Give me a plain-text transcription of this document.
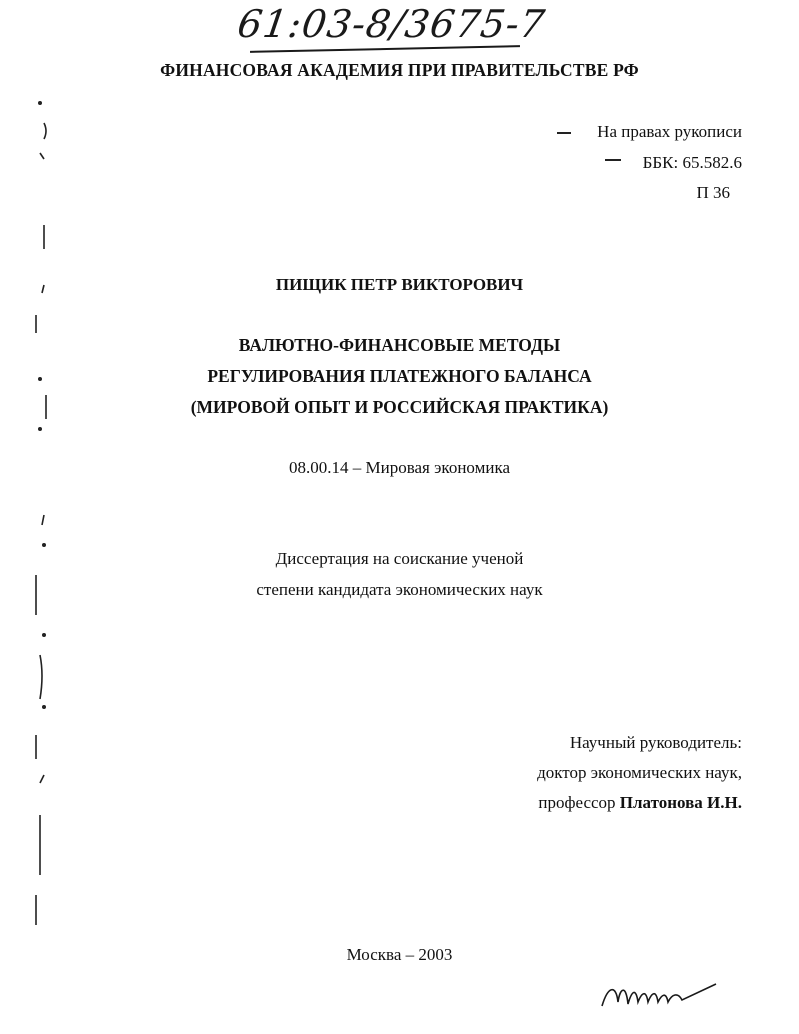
61:03-8/3675-7
ФИНАНСОВАЯ АКАДЕМИЯ ПРИ ПРАВИТЕЛЬСТВЕ РФ
На правах рукописи
ББК: 65.582.6
П 36
ПИЩИК ПЕТР ВИКТОРОВИЧ
ВАЛЮТНО-ФИНАНСОВЫЕ МЕТОДЫ
РЕГУЛИРОВАНИЯ ПЛАТЕЖНОГО БАЛАНСА
(МИРОВОЙ ОПЫТ И РОССИЙСКАЯ ПРАКТИКА)
08.00.14 – Мировая экономика
Диссертация на соискание ученой
степени кандидата экономических наук
Научный руководитель:
доктор экономических наук,
профессор Платонова И.Н.
Москва – 2003
